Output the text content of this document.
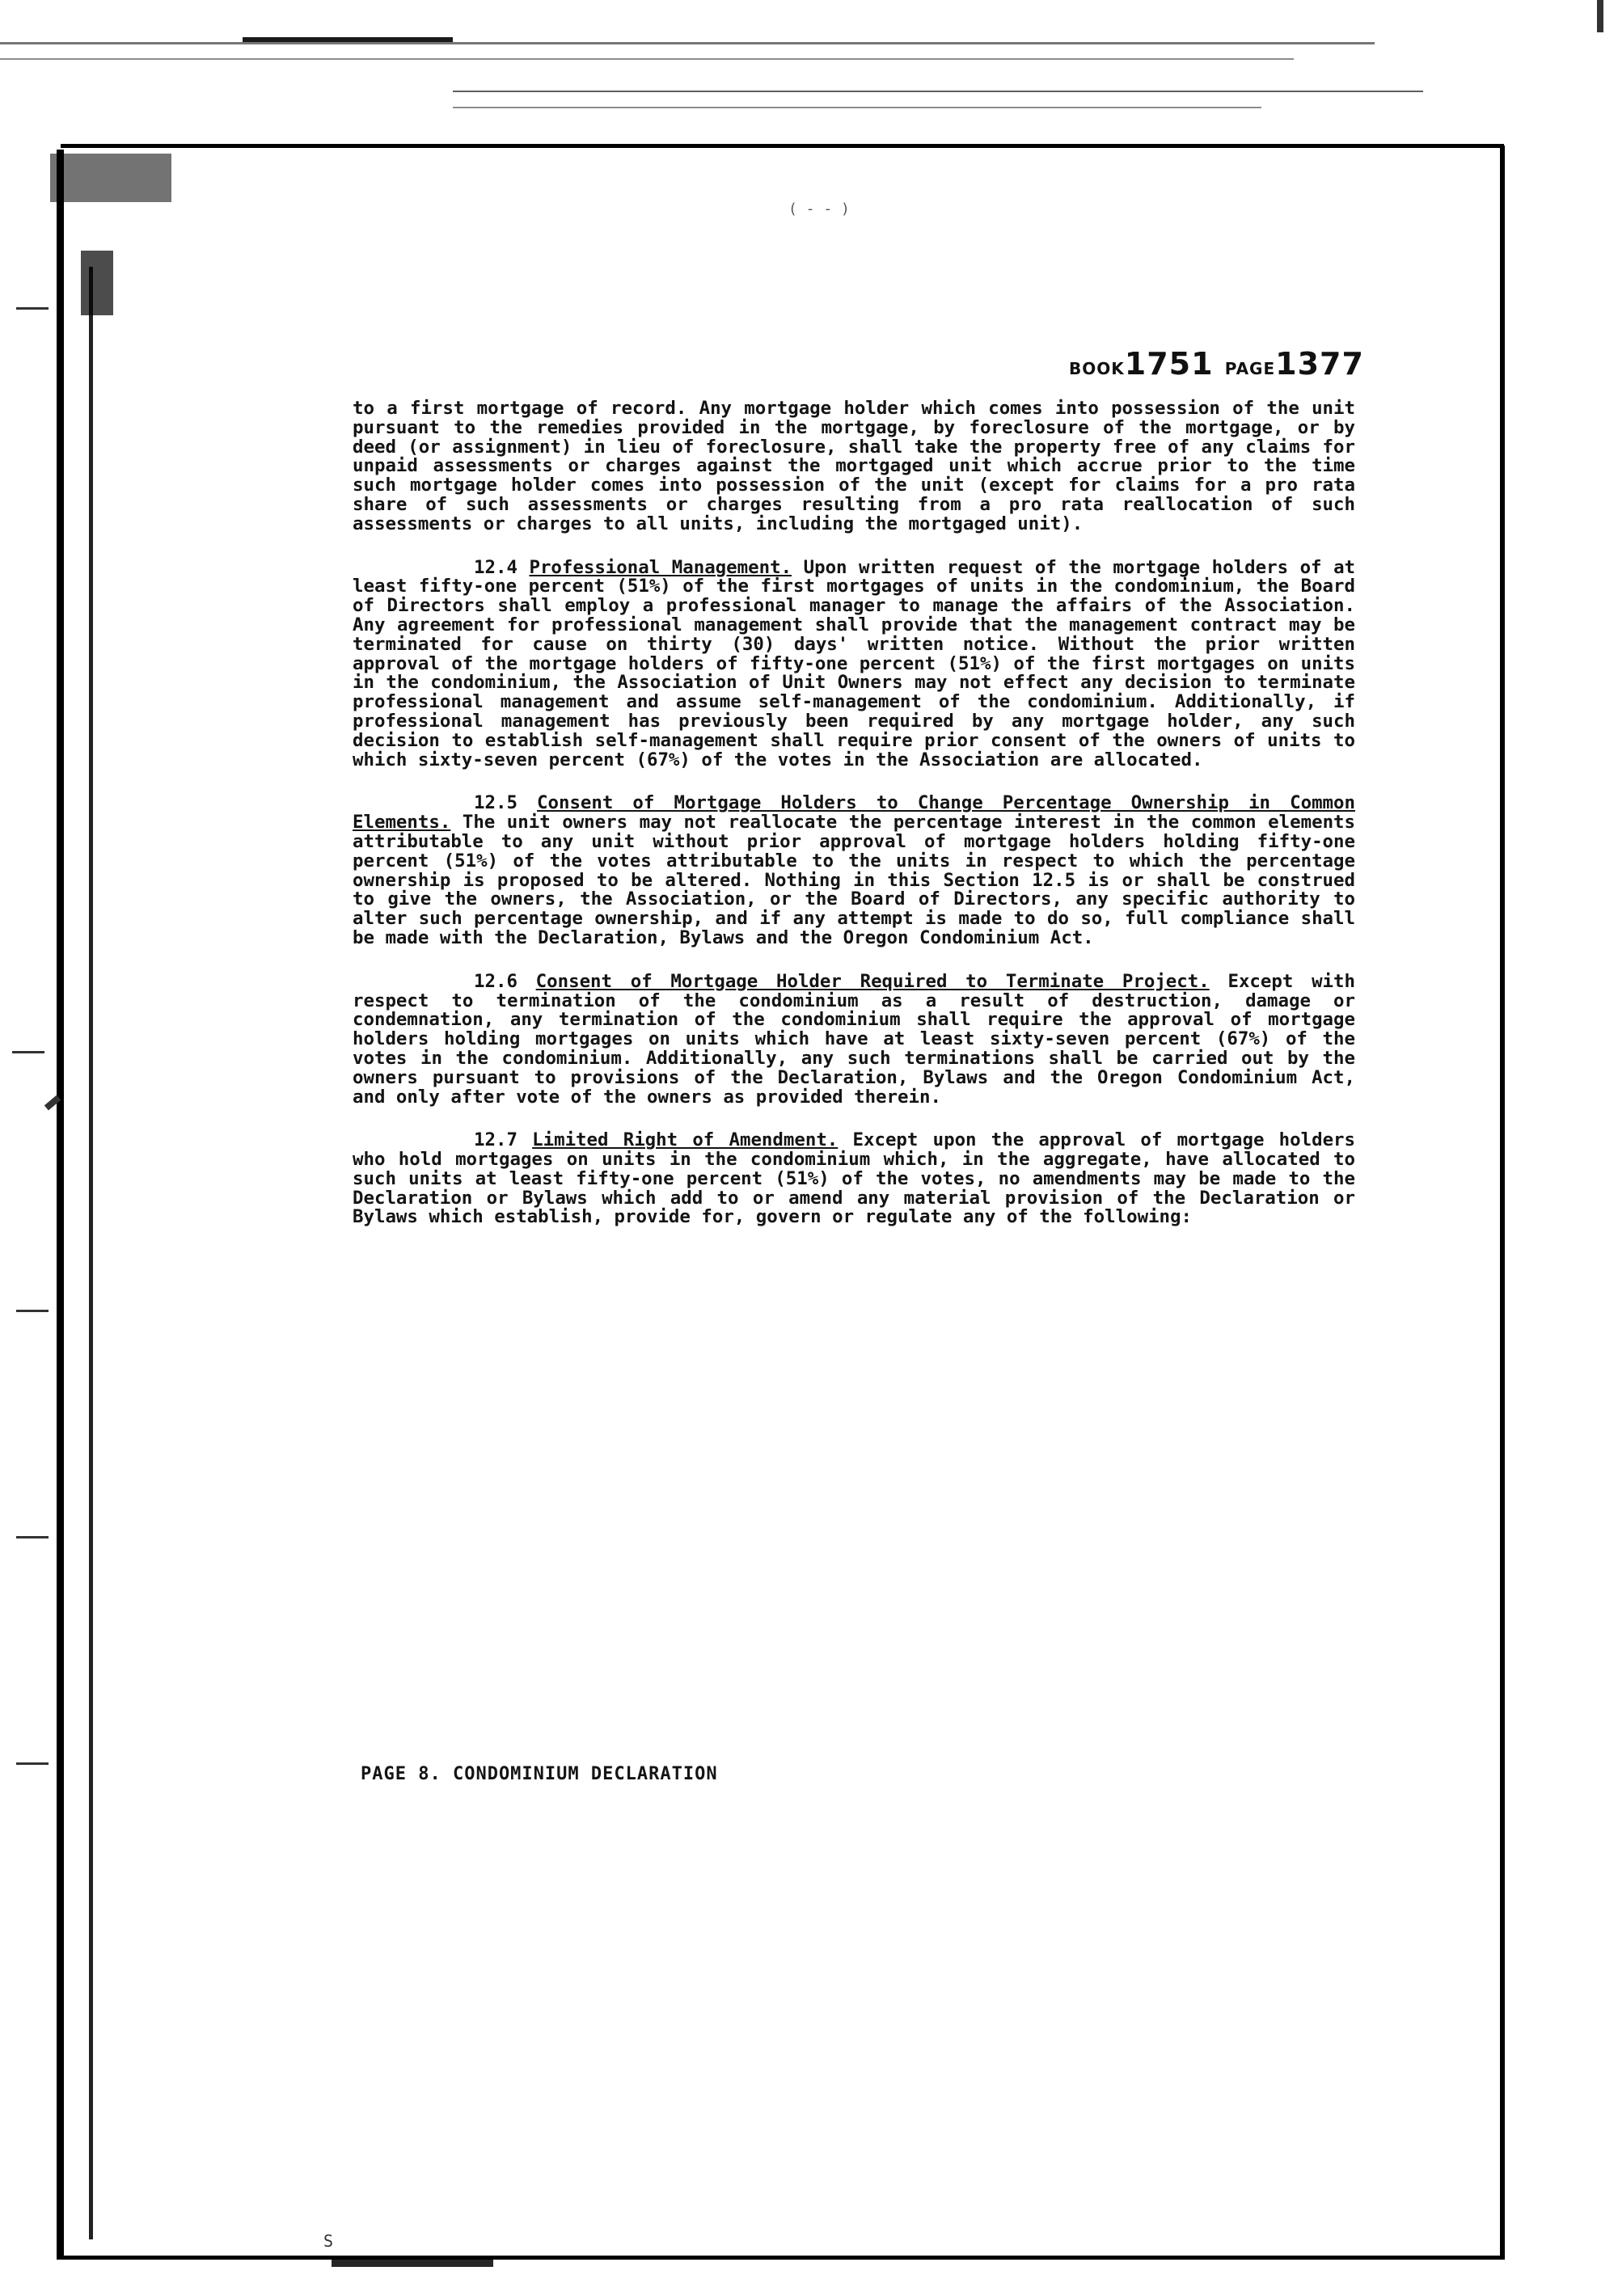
( - - )
BOOK1751 PAGE1377

to a first mortgage of record. Any mortgage holder which comes into possession of the unit pursuant to the remedies provided in the mortgage, by foreclosure of the mortgage, or by deed (or assignment) in lieu of foreclosure, shall take the property free of any claims for unpaid assessments or charges against the mortgaged unit which accrue prior to the time such mortgage holder comes into possession of the unit (except for claims for a pro rata share of such assessments or charges resulting from a pro rata reallocation of such assessments or charges to all units, including the mortgaged unit).

12.4 Professional Management. Upon written request of the mortgage holders of at least fifty-one percent (51%) of the first mortgages of units in the condominium, the Board of Directors shall employ a professional manager to manage the affairs of the Association. Any agreement for professional management shall provide that the management contract may be terminated for cause on thirty (30) days' written notice. Without the prior written approval of the mortgage holders of fifty-one percent (51%) of the first mortgages on units in the condominium, the Association of Unit Owners may not effect any decision to terminate professional management and assume self-management of the condominium. Additionally, if professional management has previously been required by any mortgage holder, any such decision to establish self-management shall require prior consent of the owners of units to which sixty-seven percent (67%) of the votes in the Association are allocated.

12.5 Consent of Mortgage Holders to Change Percentage Ownership in Common Elements. The unit owners may not reallocate the percentage interest in the common elements attributable to any unit without prior approval of mortgage holders holding fifty-one percent (51%) of the votes attributable to the units in respect to which the percentage ownership is proposed to be altered. Nothing in this Section 12.5 is or shall be construed to give the owners, the Association, or the Board of Directors, any specific authority to alter such percentage ownership, and if any attempt is made to do so, full compliance shall be made with the Declaration, Bylaws and the Oregon Condominium Act.

12.6 Consent of Mortgage Holder Required to Terminate Project. Except with respect to termination of the condominium as a result of destruction, damage or condemnation, any termination of the condominium shall require the approval of mortgage holders holding mortgages on units which have at least sixty-seven percent (67%) of the votes in the condominium. Additionally, any such terminations shall be carried out by the owners pursuant to provisions of the Declaration, Bylaws and the Oregon Condominium Act, and only after vote of the owners as provided therein.

12.7 Limited Right of Amendment. Except upon the approval of mortgage holders who hold mortgages on units in the condominium which, in the aggregate, have allocated to such units at least fifty-one percent (51%) of the votes, no amendments may be made to the Declaration or Bylaws which add to or amend any material provision of the Declaration or Bylaws which establish, provide for, govern or regulate any of the following:

PAGE 8. CONDOMINIUM DECLARATION
S
